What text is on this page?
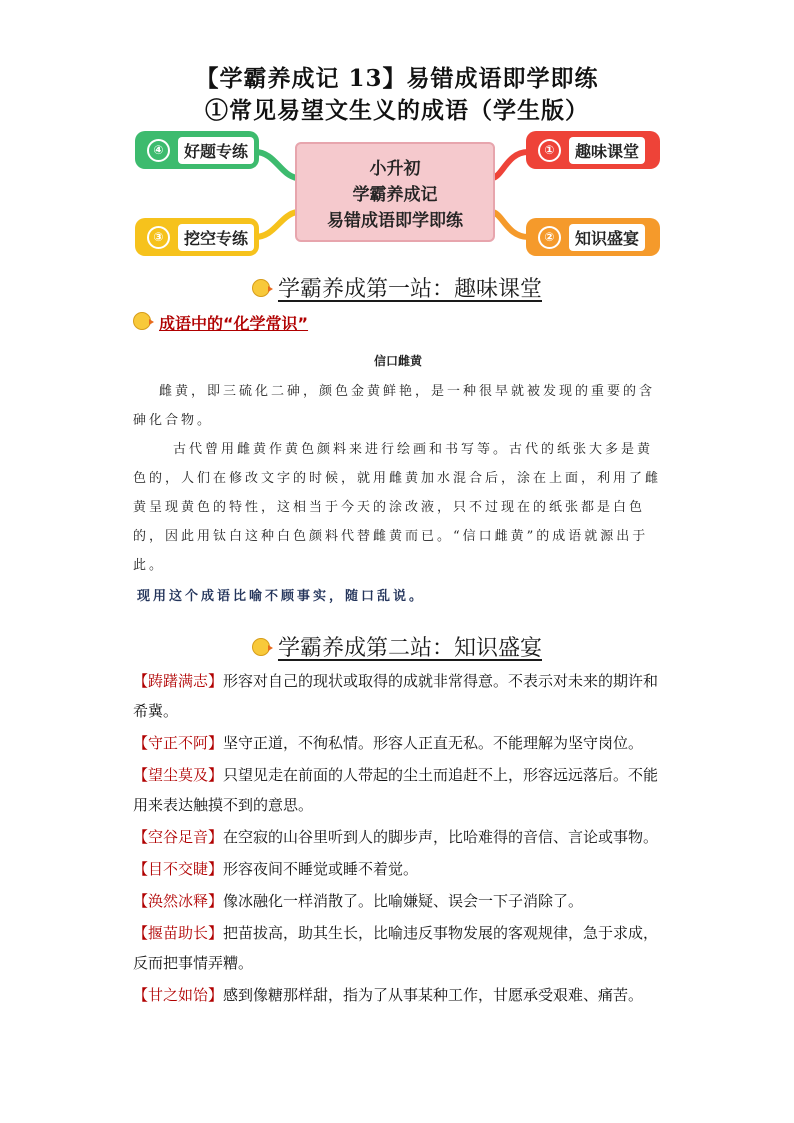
【学霸养成记 13】易错成语即学即练
①常见易望文生义的成语（学生版）
④	好题专练	①	趣味课堂
③	挖空专练	②	知识盛宴
小升初
学霸养成记
易错成语即学即练
学霸养成第一站：趣味课堂
成语中的“化学常识”
信口雌黄

雌黄，即三硫化二砷，颜色金黄鲜艳，是一种很早就被发现的重要的含砷化合物。

古代曾用雌黄作黄色颜料来进行绘画和书写等。古代的纸张大多是黄色的，人们在修改文字的时候，就用雌黄加水混合后，涂在上面，利用了雌黄呈现黄色的特性，这相当于今天的涂改液，只不过现在的纸张都是白色的，因此用钛白这种白色颜料代替雌黄而已。“信口雌黄”的成语就源出于此。

现用这个成语比喻不顾事实，随口乱说。

学霸养成第二站：知识盛宴
【踌躇满志】形容对自己的现状或取得的成就非常得意。不表示对未来的期许和希冀。
【守正不阿】坚守正道，不徇私情。形容人正直无私。不能理解为坚守岗位。
【望尘莫及】只望见走在前面的人带起的尘土而追赶不上，形容远远落后。不能用来表达触摸不到的意思。
【空谷足音】在空寂的山谷里听到人的脚步声，比哈难得的音信、言论或事物。
【目不交睫】形容夜间不睡觉或睡不着觉。
【涣然冰释】像冰融化一样消散了。比喻嫌疑、误会一下子消除了。
【揠苗助长】把苗拔高，助其生长，比喻违反事物发展的客观规律，急于求成，反而把事情弄糟。
【甘之如饴】感到像糖那样甜，指为了从事某种工作，甘愿承受艰难、痛苦。
